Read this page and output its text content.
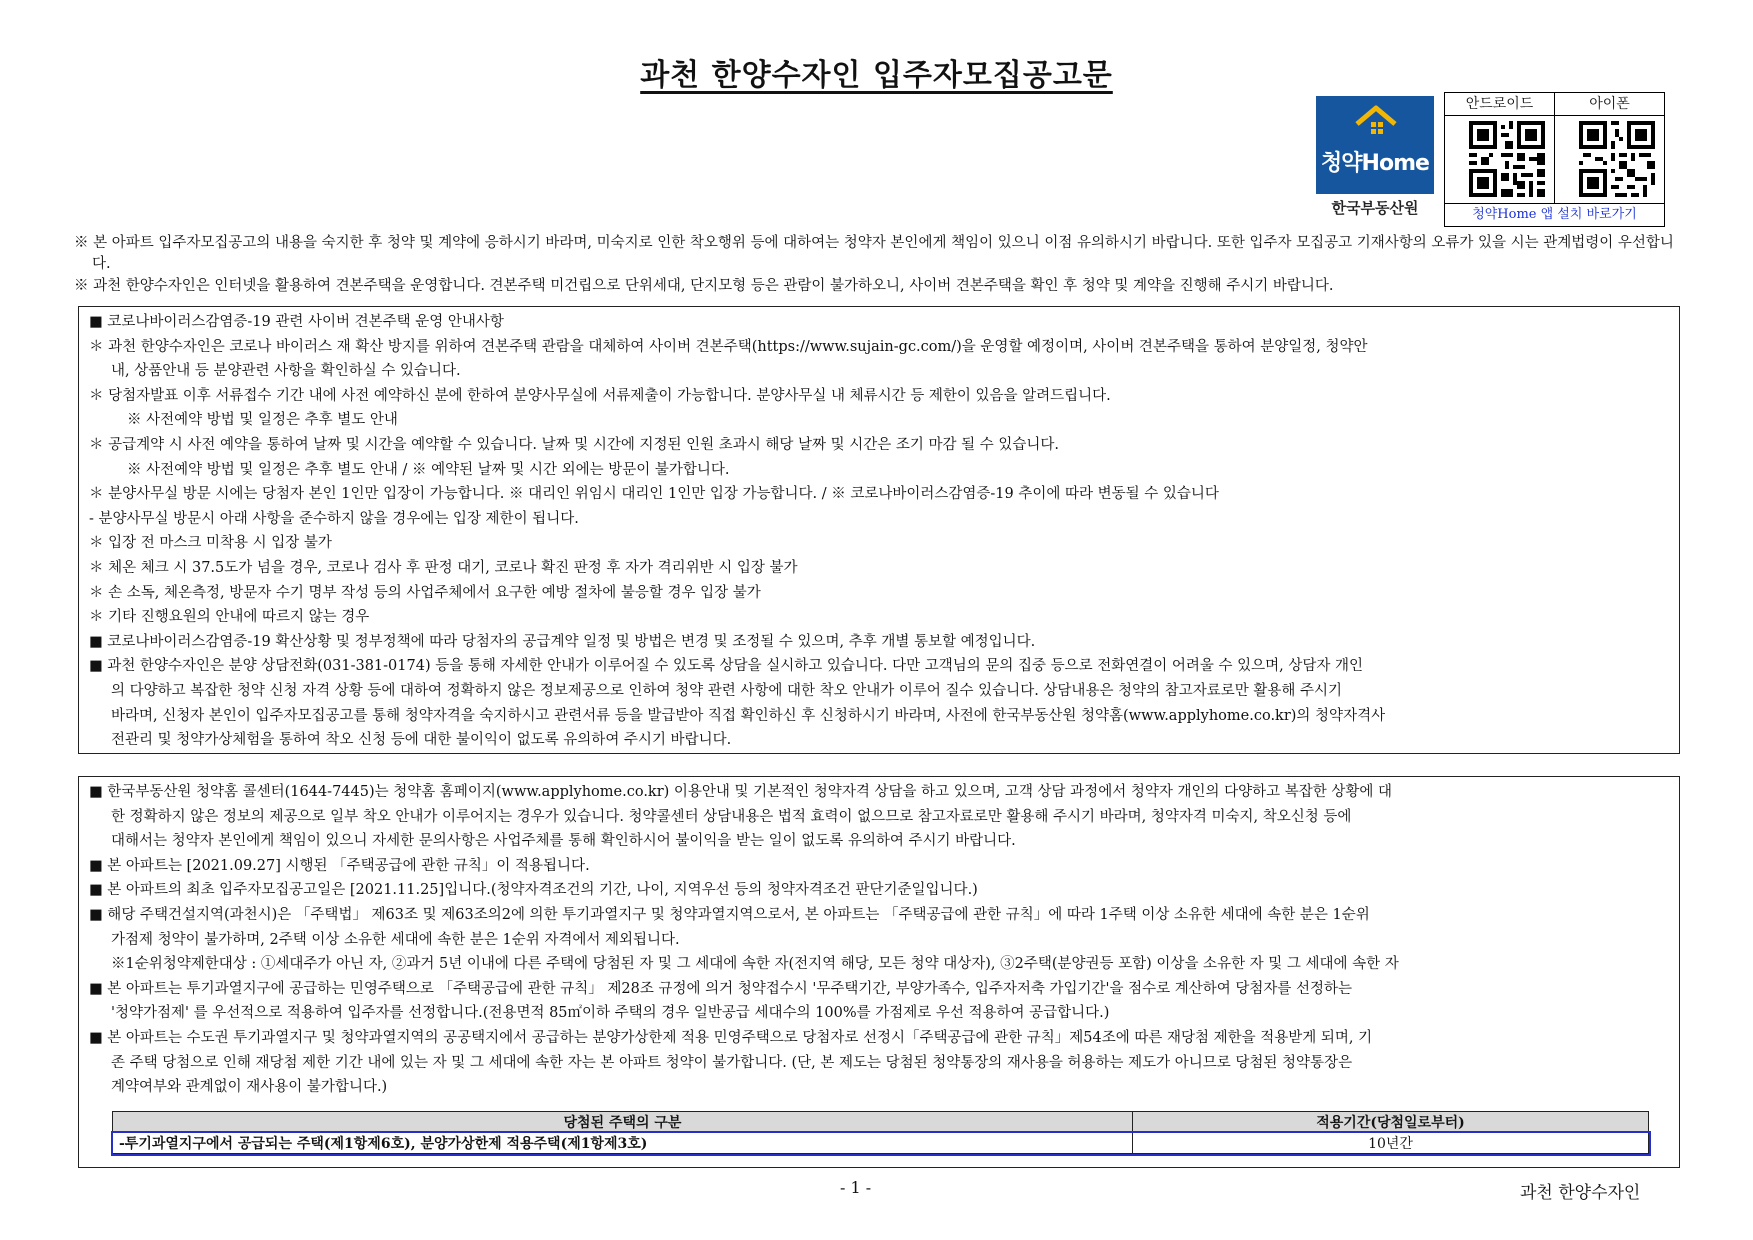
과천 한양수자인 입주자모집공고문
청약Home
한국부동산원
안드로이드	아이폰
청약Home 앱 설치 바로가기

※ 본 아파트 입주자모집공고의 내용을 숙지한 후 청약 및 계약에 응하시기 바라며, 미숙지로 인한 착오행위 등에 대하여는 청약자 본인에게 책임이 있으니 이점 유의하시기 바랍니다. 또한 입주자 모집공고 기재사항의 오류가 있을 시는 관계법령이 우선합니다.

※ 과천 한양수자인은 인터넷을 활용하여 견본주택을 운영합니다. 견본주택 미건립으로 단위세대, 단지모형 등은 관람이 불가하오니, 사이버 견본주택을 확인 후 청약 및 계약을 진행해 주시기 바랍니다.

■ 코로나바이러스감염증-19 관련 사이버 견본주택 운영 안내사항
＊ 과천 한양수자인은 코로나 바이러스 재 확산 방지를 위하여 견본주택 관람을 대체하여 사이버 견본주택(https://www.sujain-gc.com/)을 운영할 예정이며, 사이버 견본주택을 통하여 분양일정, 청약안
내, 상품안내 등 분양관련 사항을 확인하실 수 있습니다.
＊ 당첨자발표 이후 서류접수 기간 내에 사전 예약하신 분에 한하여 분양사무실에 서류제출이 가능합니다. 분양사무실 내 체류시간 등 제한이 있음을 알려드립니다.
※ 사전예약 방법 및 일정은 추후 별도 안내
＊ 공급계약 시 사전 예약을 통하여 날짜 및 시간을 예약할 수 있습니다. 날짜 및 시간에 지정된 인원 초과시 해당 날짜 및 시간은 조기 마감 될 수 있습니다.
※ 사전예약 방법 및 일정은 추후 별도 안내 / ※ 예약된 날짜 및 시간 외에는 방문이 불가합니다.
＊ 분양사무실 방문 시에는 당첨자 본인 1인만 입장이 가능합니다. ※ 대리인 위임시 대리인 1인만 입장 가능합니다. / ※ 코로나바이러스감염증-19 추이에 따라 변동될 수 있습니다
- 분양사무실 방문시 아래 사항을 준수하지 않을 경우에는 입장 제한이 됩니다.
＊ 입장 전 마스크 미착용 시 입장 불가
＊ 체온 체크 시 37.5도가 넘을 경우, 코로나 검사 후 판정 대기, 코로나 확진 판정 후 자가 격리위반 시 입장 불가
＊ 손 소독, 체온측정, 방문자 수기 명부 작성 등의 사업주체에서 요구한 예방 절차에 불응할 경우 입장 불가
＊ 기타 진행요원의 안내에 따르지 않는 경우
■ 코로나바이러스감염증-19 확산상황 및 정부정책에 따라 당첨자의 공급계약 일정 및 방법은 변경 및 조정될 수 있으며, 추후 개별 통보할 예정입니다.
■ 과천 한양수자인은 분양 상담전화(031-381-0174) 등을 통해 자세한 안내가 이루어질 수 있도록 상담을 실시하고 있습니다. 다만 고객님의 문의 집중 등으로 전화연결이 어려울 수 있으며, 상담자 개인
의 다양하고 복잡한 청약 신청 자격 상황 등에 대하여 정확하지 않은 정보제공으로 인하여 청약 관련 사항에 대한 착오 안내가 이루어 질수 있습니다. 상담내용은 청약의 참고자료로만 활용해 주시기
바라며, 신청자 본인이 입주자모집공고를 통해 청약자격을 숙지하시고 관련서류 등을 발급받아 직접 확인하신 후 신청하시기 바라며, 사전에 한국부동산원 청약홈(www.applyhome.co.kr)의 청약자격사
전관리 및 청약가상체험을 통하여 착오 신청 등에 대한 불이익이 없도록 유의하여 주시기 바랍니다.
■ 한국부동산원 청약홈 콜센터(1644-7445)는 청약홈 홈페이지(www.applyhome.co.kr) 이용안내 및 기본적인 청약자격 상담을 하고 있으며, 고객 상담 과정에서 청약자 개인의 다양하고 복잡한 상황에 대
한 정확하지 않은 정보의 제공으로 일부 착오 안내가 이루어지는 경우가 있습니다. 청약콜센터 상담내용은 법적 효력이 없으므로 참고자료로만 활용해 주시기 바라며, 청약자격 미숙지, 착오신청 등에
대해서는 청약자 본인에게 책임이 있으니 자세한 문의사항은 사업주체를 통해 확인하시어 불이익을 받는 일이 없도록 유의하여 주시기 바랍니다.
■ 본 아파트는 [2021.09.27] 시행된 「주택공급에 관한 규칙」이 적용됩니다.
■ 본 아파트의 최초 입주자모집공고일은 [2021.11.25]입니다.(청약자격조건의 기간, 나이, 지역우선 등의 청약자격조건 판단기준일입니다.)
■ 해당 주택건설지역(과천시)은 「주택법」 제63조 및 제63조의2에 의한 투기과열지구 및 청약과열지역으로서, 본 아파트는 「주택공급에 관한 규칙」에 따라 1주택 이상 소유한 세대에 속한 분은 1순위
가점제 청약이 불가하며, 2주택 이상 소유한 세대에 속한 분은 1순위 자격에서 제외됩니다.
※1순위청약제한대상 : ①세대주가 아닌 자, ②과거 5년 이내에 다른 주택에 당첨된 자 및 그 세대에 속한 자(전지역 해당, 모든 청약 대상자), ③2주택(분양권등 포함) 이상을 소유한 자 및 그 세대에 속한 자
■ 본 아파트는 투기과열지구에 공급하는 민영주택으로 「주택공급에 관한 규칙」 제28조 규정에 의거 청약접수시 '무주택기간, 부양가족수, 입주자저축 가입기간'을 점수로 계산하여 당첨자를 선정하는
'청약가점제' 를 우선적으로 적용하여 입주자를 선정합니다.(전용면적 85㎡이하 주택의 경우 일반공급 세대수의 100%를 가점제로 우선 적용하여 공급합니다.)
■ 본 아파트는 수도권 투기과열지구 및 청약과열지역의 공공택지에서 공급하는 분양가상한제 적용 민영주택으로 당첨자로 선정시「주택공급에 관한 규칙」제54조에 따른 재당첨 제한을 적용받게 되며, 기
존 주택 당첨으로 인해 재당첨 제한 기간 내에 있는 자 및 그 세대에 속한 자는 본 아파트 청약이 불가합니다. (단, 본 제도는 당첨된 청약통장의 재사용을 허용하는 제도가 아니므로 당첨된 청약통장은
계약여부와 관계없이 재사용이 불가합니다.)
당첨된 주택의 구분	적용기간(당첨일로부터)
-투기과열지구에서 공급되는 주택(제1항제6호), 분양가상한제 적용주택(제1항제3호)	10년간
- 1 -	과천 한양수자인
